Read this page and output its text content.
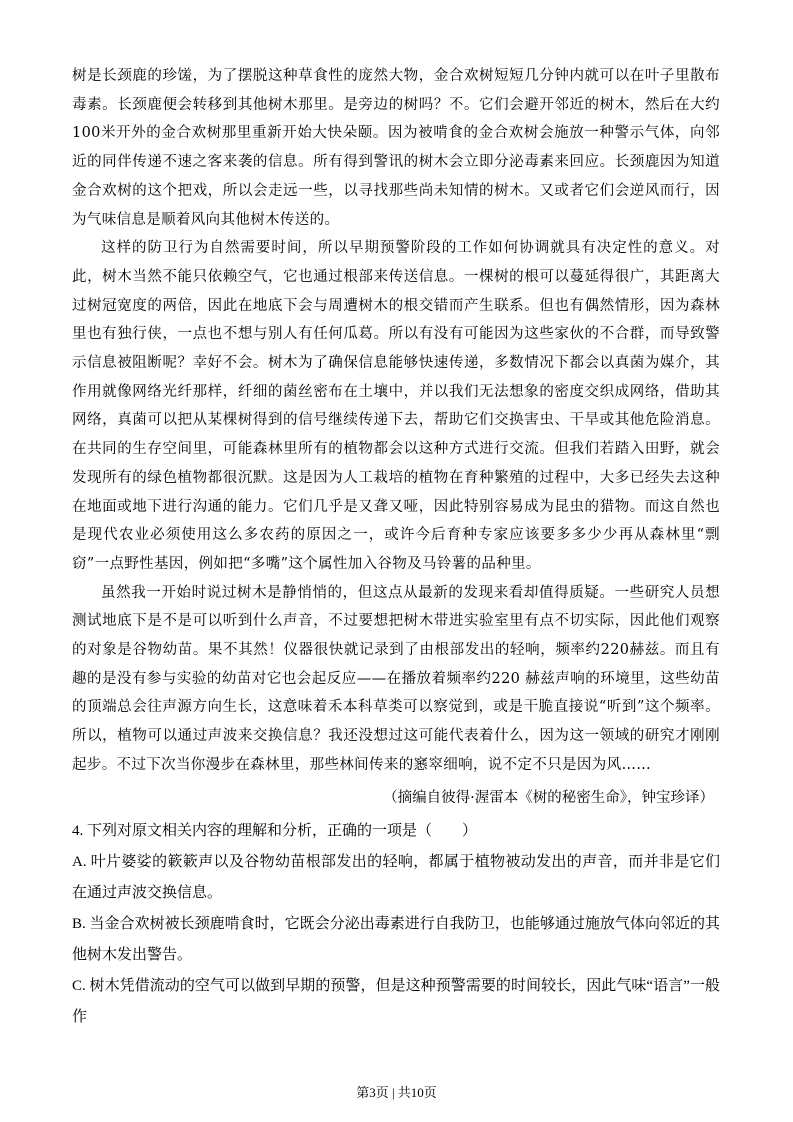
树是长颈鹿的珍馐，为了摆脱这种草食性的庞然大物，金合欢树短短几分钟内就可以在叶子里散布毒素。长颈鹿便会转移到其他树木那里。是旁边的树吗？不。它们会避开邻近的树木，然后在大约100米开外的金合欢树那里重新开始大快朵颐。因为被啃食的金合欢树会施放一种警示气体，向邻近的同伴传递不速之客来袭的信息。所有得到警讯的树木会立即分泌毒素来回应。长颈鹿因为知道金合欢树的这个把戏，所以会走远一些，以寻找那些尚未知情的树木。又或者它们会逆风而行，因为气味信息是顺着风向其他树木传送的。

这样的防卫行为自然需要时间，所以早期预警阶段的工作如何协调就具有决定性的意义。对此，树木当然不能只依赖空气，它也通过根部来传送信息。一棵树的根可以蔓延得很广，其距离大过树冠宽度的两倍，因此在地底下会与周遭树木的根交错而产生联系。但也有偶然情形，因为森林里也有独行侠，一点也不想与别人有任何瓜葛。所以有没有可能因为这些家伙的不合群，而导致警示信息被阻断呢？幸好不会。树木为了确保信息能够快速传递，多数情况下都会以真菌为媒介，其作用就像网络光纤那样，纤细的菌丝密布在土壤中，并以我们无法想象的密度交织成网络，借助其网络，真菌可以把从某棵树得到的信号继续传递下去，帮助它们交换害虫、干旱或其他危险消息。在共同的生存空间里，可能森林里所有的植物都会以这种方式进行交流。但我们若踏入田野，就会发现所有的绿色植物都很沉默。这是因为人工栽培的植物在育种繁殖的过程中，大多已经失去这种在地面或地下进行沟通的能力。它们几乎是又聋又哑，因此特别容易成为昆虫的猎物。而这自然也是现代农业必须使用这么多农药的原因之一，或许今后育种专家应该要多多少少再从森林里“剽窃”一点野性基因，例如把“多嘴”这个属性加入谷物及马铃薯的品种里。

虽然我一开始时说过树木是静悄悄的，但这点从最新的发现来看却值得质疑。一些研究人员想测试地底下是不是可以听到什么声音，不过要想把树木带进实验室里有点不切实际，因此他们观察的对象是谷物幼苗。果不其然！仪器很快就记录到了由根部发出的轻响，频率约220赫兹。而且有趣的是没有参与实验的幼苗对它也会起反应——在播放着频率约220 赫兹声响的环境里，这些幼苗的顶端总会往声源方向生长，这意味着禾本科草类可以察觉到，或是干脆直接说“听到”这个频率。所以，植物可以通过声波来交换信息？我还没想过这可能代表着什么，因为这一领域的研究才刚刚起步。不过下次当你漫步在森林里，那些林间传来的窸窣细响，说不定不只是因为风……

（摘编自彼得·渥雷本《树的秘密生命》，钟宝珍译）

4. 下列对原文相关内容的理解和分析，正确的一项是（　　）

A. 叶片婆娑的簌簌声以及谷物幼苗根部发出的轻响，都属于植物被动发出的声音，而并非是它们在通过声波交换信息。

B. 当金合欢树被长颈鹿啃食时，它既会分泌出毒素进行自我防卫，也能够通过施放气体向邻近的其他树木发出警告。

C. 树木凭借流动的空气可以做到早期的预警，但是这种预警需要的时间较长，因此气味“语言”一般作

第3页 | 共10页
